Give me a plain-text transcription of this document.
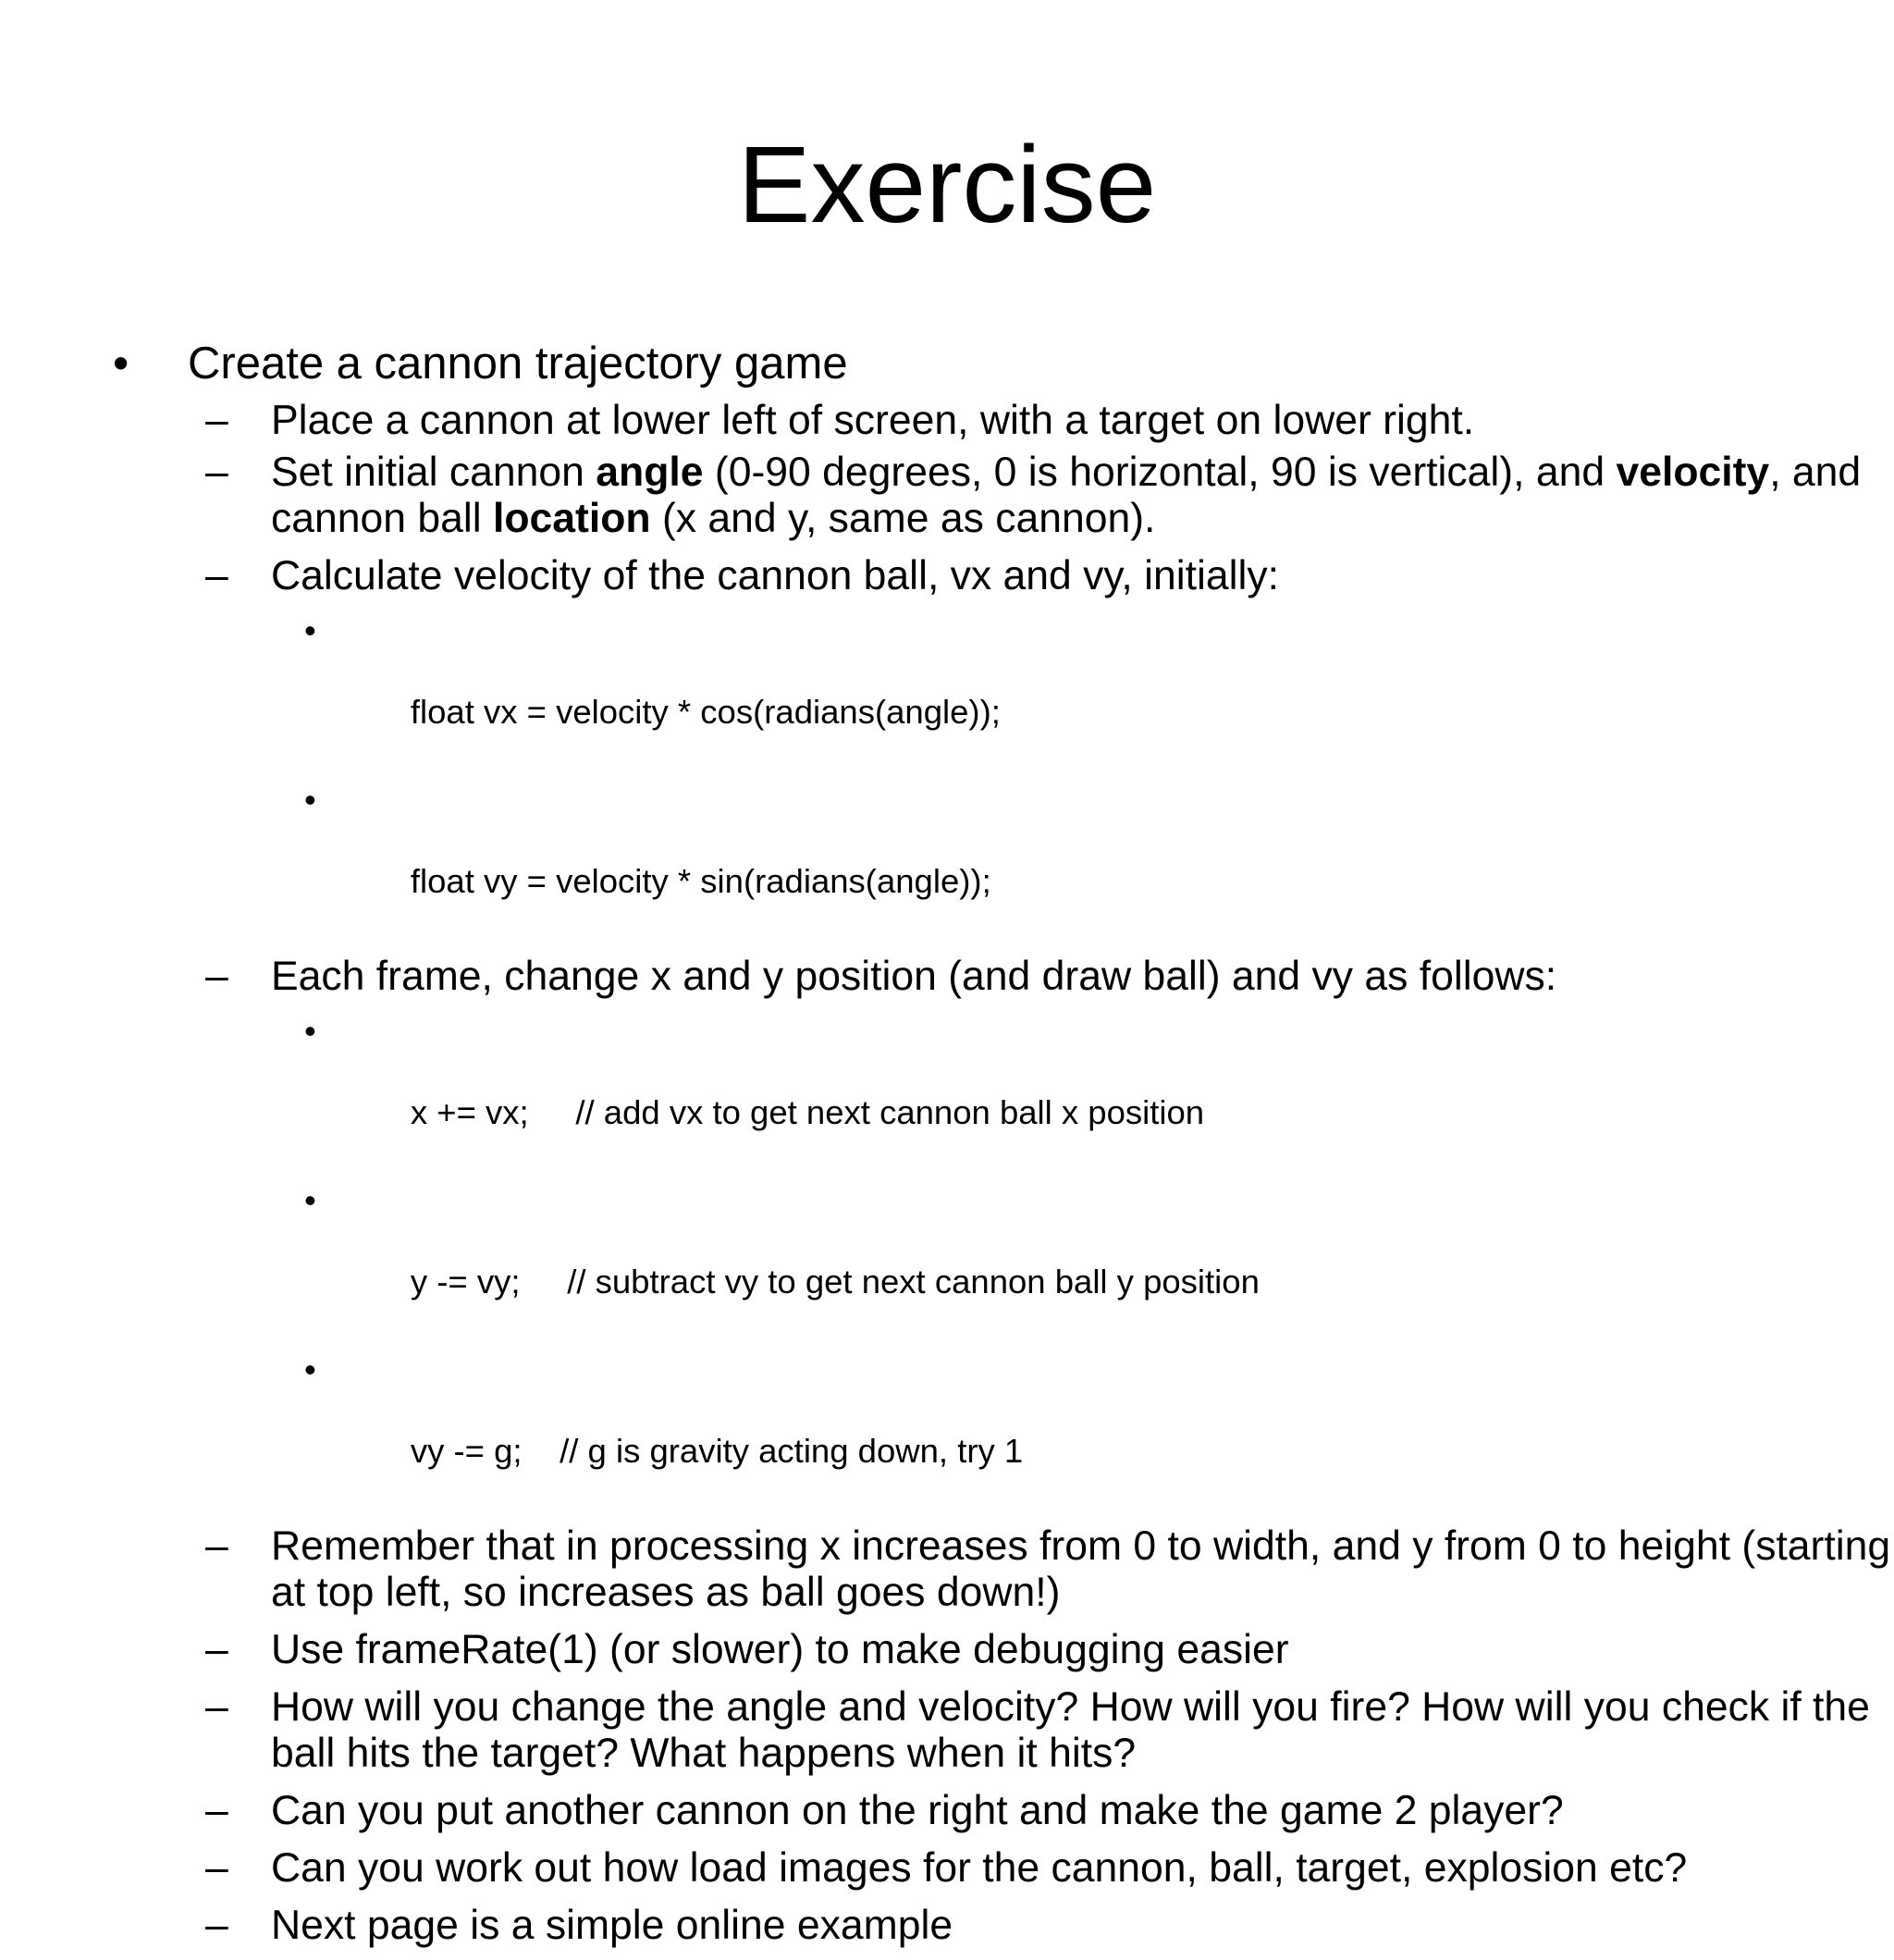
Exercise
• Create a cannon trajectory game
– Place a cannon at lower left of screen, with a target on lower right.
– Set initial cannon angle (0-90 degrees, 0 is horizontal, 90 is vertical), and velocity, and cannon ball location (x and y, same as cannon).
– Calculate velocity of the cannon ball, vx and vy, initially:

•

float vx = velocity * cos(radians(angle));

•

float vy = velocity * sin(radians(angle));

– Each frame, change x and y position (and draw ball) and vy as follows:

•

x += vx;     // add vx to get next cannon ball x position

•

y -= vy;     // subtract vy to get next cannon ball y position

•

vy -= g;    // g is gravity acting down, try 1

– Remember that in processing x increases from 0 to width, and y from 0 to height (starting at top left, so increases as ball goes down!)
– Use frameRate(1) (or slower) to make debugging easier
– How will you change the angle and velocity? How will you fire? How will you check if the ball hits the target? What happens when it hits?
– Can you put another cannon on the right and make the game 2 player?
– Can you work out how load images for the cannon, ball, target, explosion etc?
– Next page is a simple online example
